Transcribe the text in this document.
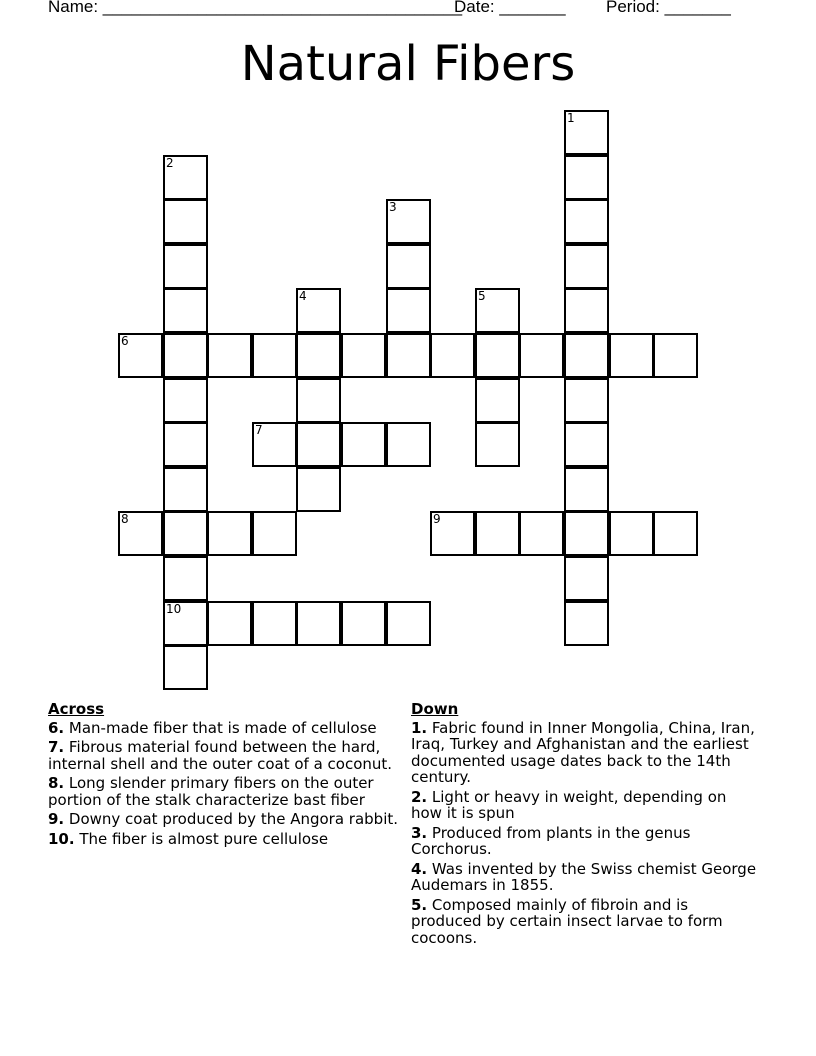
Name: ______________________________________

Date: _______

Period: _______

Natural Fibers
1
2
10
3
4	5
6
7
8	9
Across
6. Man-made fiber that is made of cellulose
7. Fibrous material found between the hard, internal shell and the outer coat of a coconut.
8. Long slender primary fibers on the outer portion of the stalk characterize bast fiber
9. Downy coat produced by the Angora rabbit.
10. The fiber is almost pure cellulose
Down
1. Fabric found in Inner Mongolia, China, Iran, Iraq, Turkey and Afghanistan and the earliest documented usage dates back to the 14th century.
2. Light or heavy in weight, depending on how it is spun
3. Produced from plants in the genus Corchorus.
4. Was invented by the Swiss chemist George Audemars in 1855.
5. Composed mainly of fibroin and is produced by certain insect larvae to form cocoons.
